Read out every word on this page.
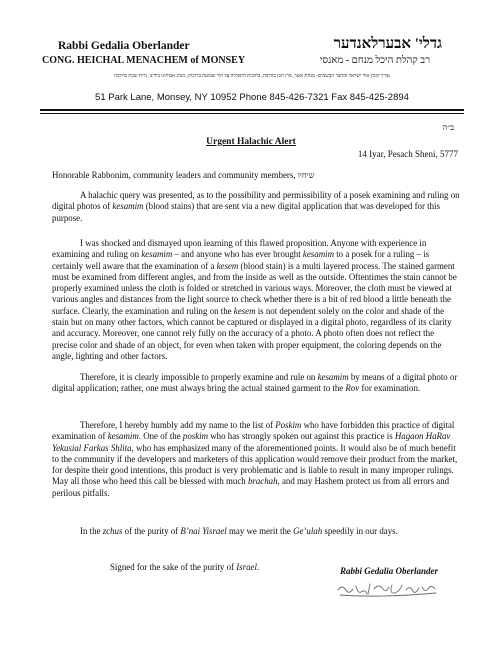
Rabbi Gedalia Oberlander
CONG. HEICHAL MENACHEM of MONSEY
גדלי' אבערלאנדער
רב קהלת היכל מנחם - מאנסי
עורך קובץ אור ישראל ומחבר הבשמים- מנחת אשר, מרן הבן כהלכה, בחוכות התפילה על הלי שבועת ברוכות, מנהג אבותינו בידינו, נרות שבת כהלכה
51 Park Lane, Monsey, NY 10952 Phone 845-426-7321 Fax 845-425-2894
ב״ה
Urgent Halachic Alert
14 Iyar, Pesach Sheni, 5777
Honorable Rabbonim, community leaders and community members, שיחיו

A halachic query was presented, as to the possibility and permissibility of a posek examining and ruling on digital photos of kesamim (blood stains) that are sent via a new digital application that was developed for this purpose.

I was shocked and dismayed upon learning of this flawed proposition. Anyone with experience in examining and ruling on kesamim – and anyone who has ever brought kesamim to a posek for a ruling – is certainly well aware that the examination of a kesem (blood stain) is a multi layered process. The stained garment must be examined from different angles, and from the inside as well as the outside. Oftentimes the stain cannot be properly examined unless the cloth is folded or stretched in various ways. Moreover, the cloth must be viewed at various angles and distances from the light source to check whether there is a bit of red blood a little beneath the surface. Clearly, the examination and ruling on the kesem is not dependent solely on the color and shade of the stain but on many other factors, which cannot be captured or displayed in a digital photo, regardless of its clarity and accuracy. Moreover, one cannot rely fully on the accuracy of a photo. A photo often does not reflect the precise color and shade of an object, for even when taken with proper equipment, the coloring depends on the angle, lighting and other factors.

Therefore, it is clearly impossible to properly examine and rule on kesamim by means of a digital photo or digital application; rather, one must always bring the actual stained garment to the Rov for examination.

Therefore, I hereby humbly add my name to the list of Poskim who have forbidden this practice of digital examination of kesamim. One of the poskim who has strongly spoken out against this practice is Hagaon HaRav Yekusial Farkas Shlita, who has emphasized many of the aforementioned points. It would also be of much benefit to the community if the developers and marketers of this application would remove their product from the market, for despite their good intentions, this product is very problematic and is liable to result in many improper rulings. May all those who heed this call be blessed with much brachah, and may Hashem protect us from all errors and perilous pitfalls.

In the zchus of the purity of B’nai Yisrael may we merit the Ge’ulah speedily in our days.

Signed for the sake of the purity of Israel.	Rabbi Gedalia Oberlander
